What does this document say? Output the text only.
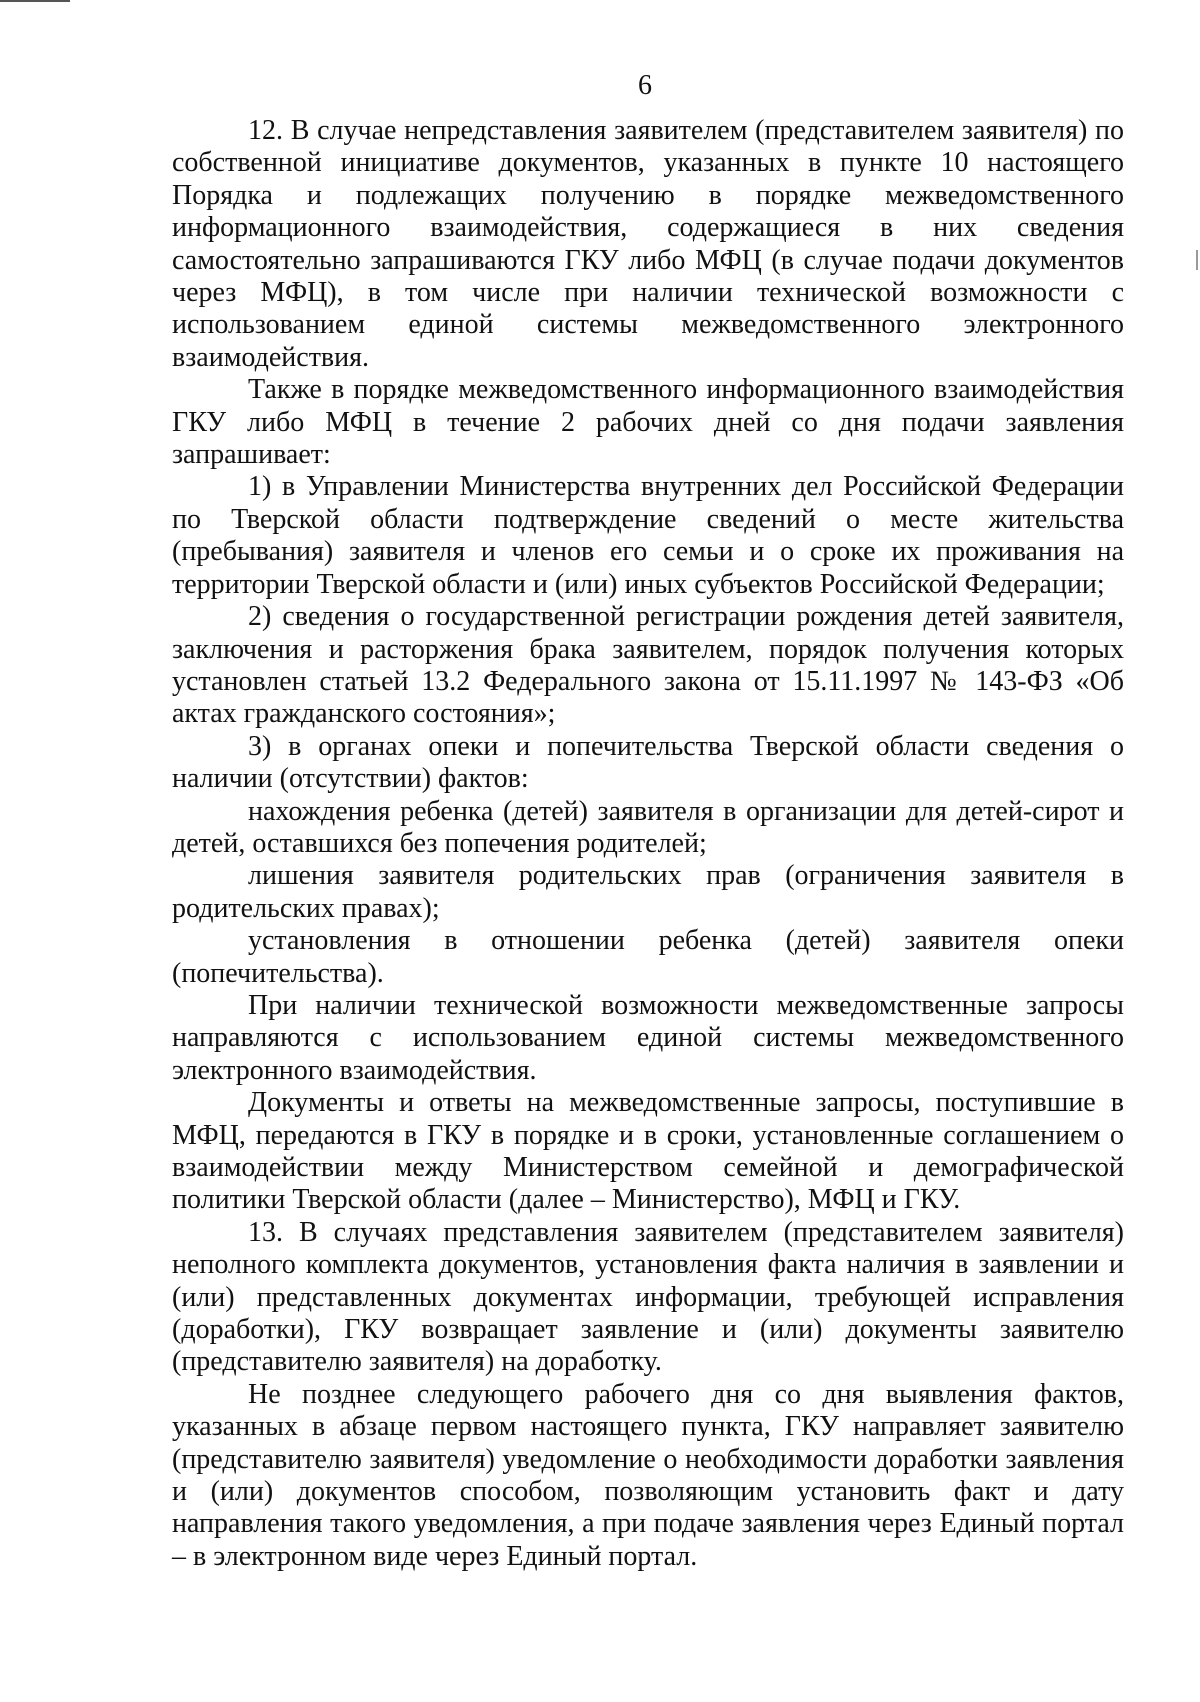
6

12. В случае непредставления заявителем (представителем заявителя) по собственной инициативе документов, указанных в пункте 10 настоящего Порядка и подлежащих получению в порядке межведомственного информационного взаимодействия, содержащиеся в них сведения самостоятельно запрашиваются ГКУ либо МФЦ (в случае подачи документов через МФЦ), в том числе при наличии технической возможности с использованием единой системы межведомственного электронного взаимодействия.

Также в порядке межведомственного информационного взаимодействия ГКУ либо МФЦ в течение 2 рабочих дней со дня подачи заявления запрашивает:

1) в Управлении Министерства внутренних дел Российской Федерации по Тверской области подтверждение сведений о месте жительства (пребывания) заявителя и членов его семьи и о сроке их проживания на территории Тверской области и (или) иных субъектов Российской Федерации;

2) сведения о государственной регистрации рождения детей заявителя, заключения и расторжения брака заявителем, порядок получения которых установлен статьей 13.2 Федерального закона от 15.11.1997 № 143-ФЗ «Об актах гражданского состояния»;

3) в органах опеки и попечительства Тверской области сведения о наличии (отсутствии) фактов:

нахождения ребенка (детей) заявителя в организации для детей-сирот и детей, оставшихся без попечения родителей;

лишения заявителя родительских прав (ограничения заявителя в родительских правах);

установления в отношении ребенка (детей) заявителя опеки (попечительства).

При наличии технической возможности межведомственные запросы направляются с использованием единой системы межведомственного электронного взаимодействия.

Документы и ответы на межведомственные запросы, поступившие в МФЦ, передаются в ГКУ в порядке и в сроки, установленные соглашением о взаимодействии между Министерством семейной и демографической политики Тверской области (далее – Министерство), МФЦ и ГКУ.

13. В случаях представления заявителем (представителем заявителя) неполного комплекта документов, установления факта наличия в заявлении и (или) представленных документах информации, требующей исправления (доработки), ГКУ возвращает заявление и (или) документы заявителю (представителю заявителя) на доработку.

Не позднее следующего рабочего дня со дня выявления фактов, указанных в абзаце первом настоящего пункта, ГКУ направляет заявителю (представителю заявителя) уведомление о необходимости доработки заявления и (или) документов способом, позволяющим установить факт и дату направления такого уведомления, а при подаче заявления через Единый портал – в электронном виде через Единый портал.
